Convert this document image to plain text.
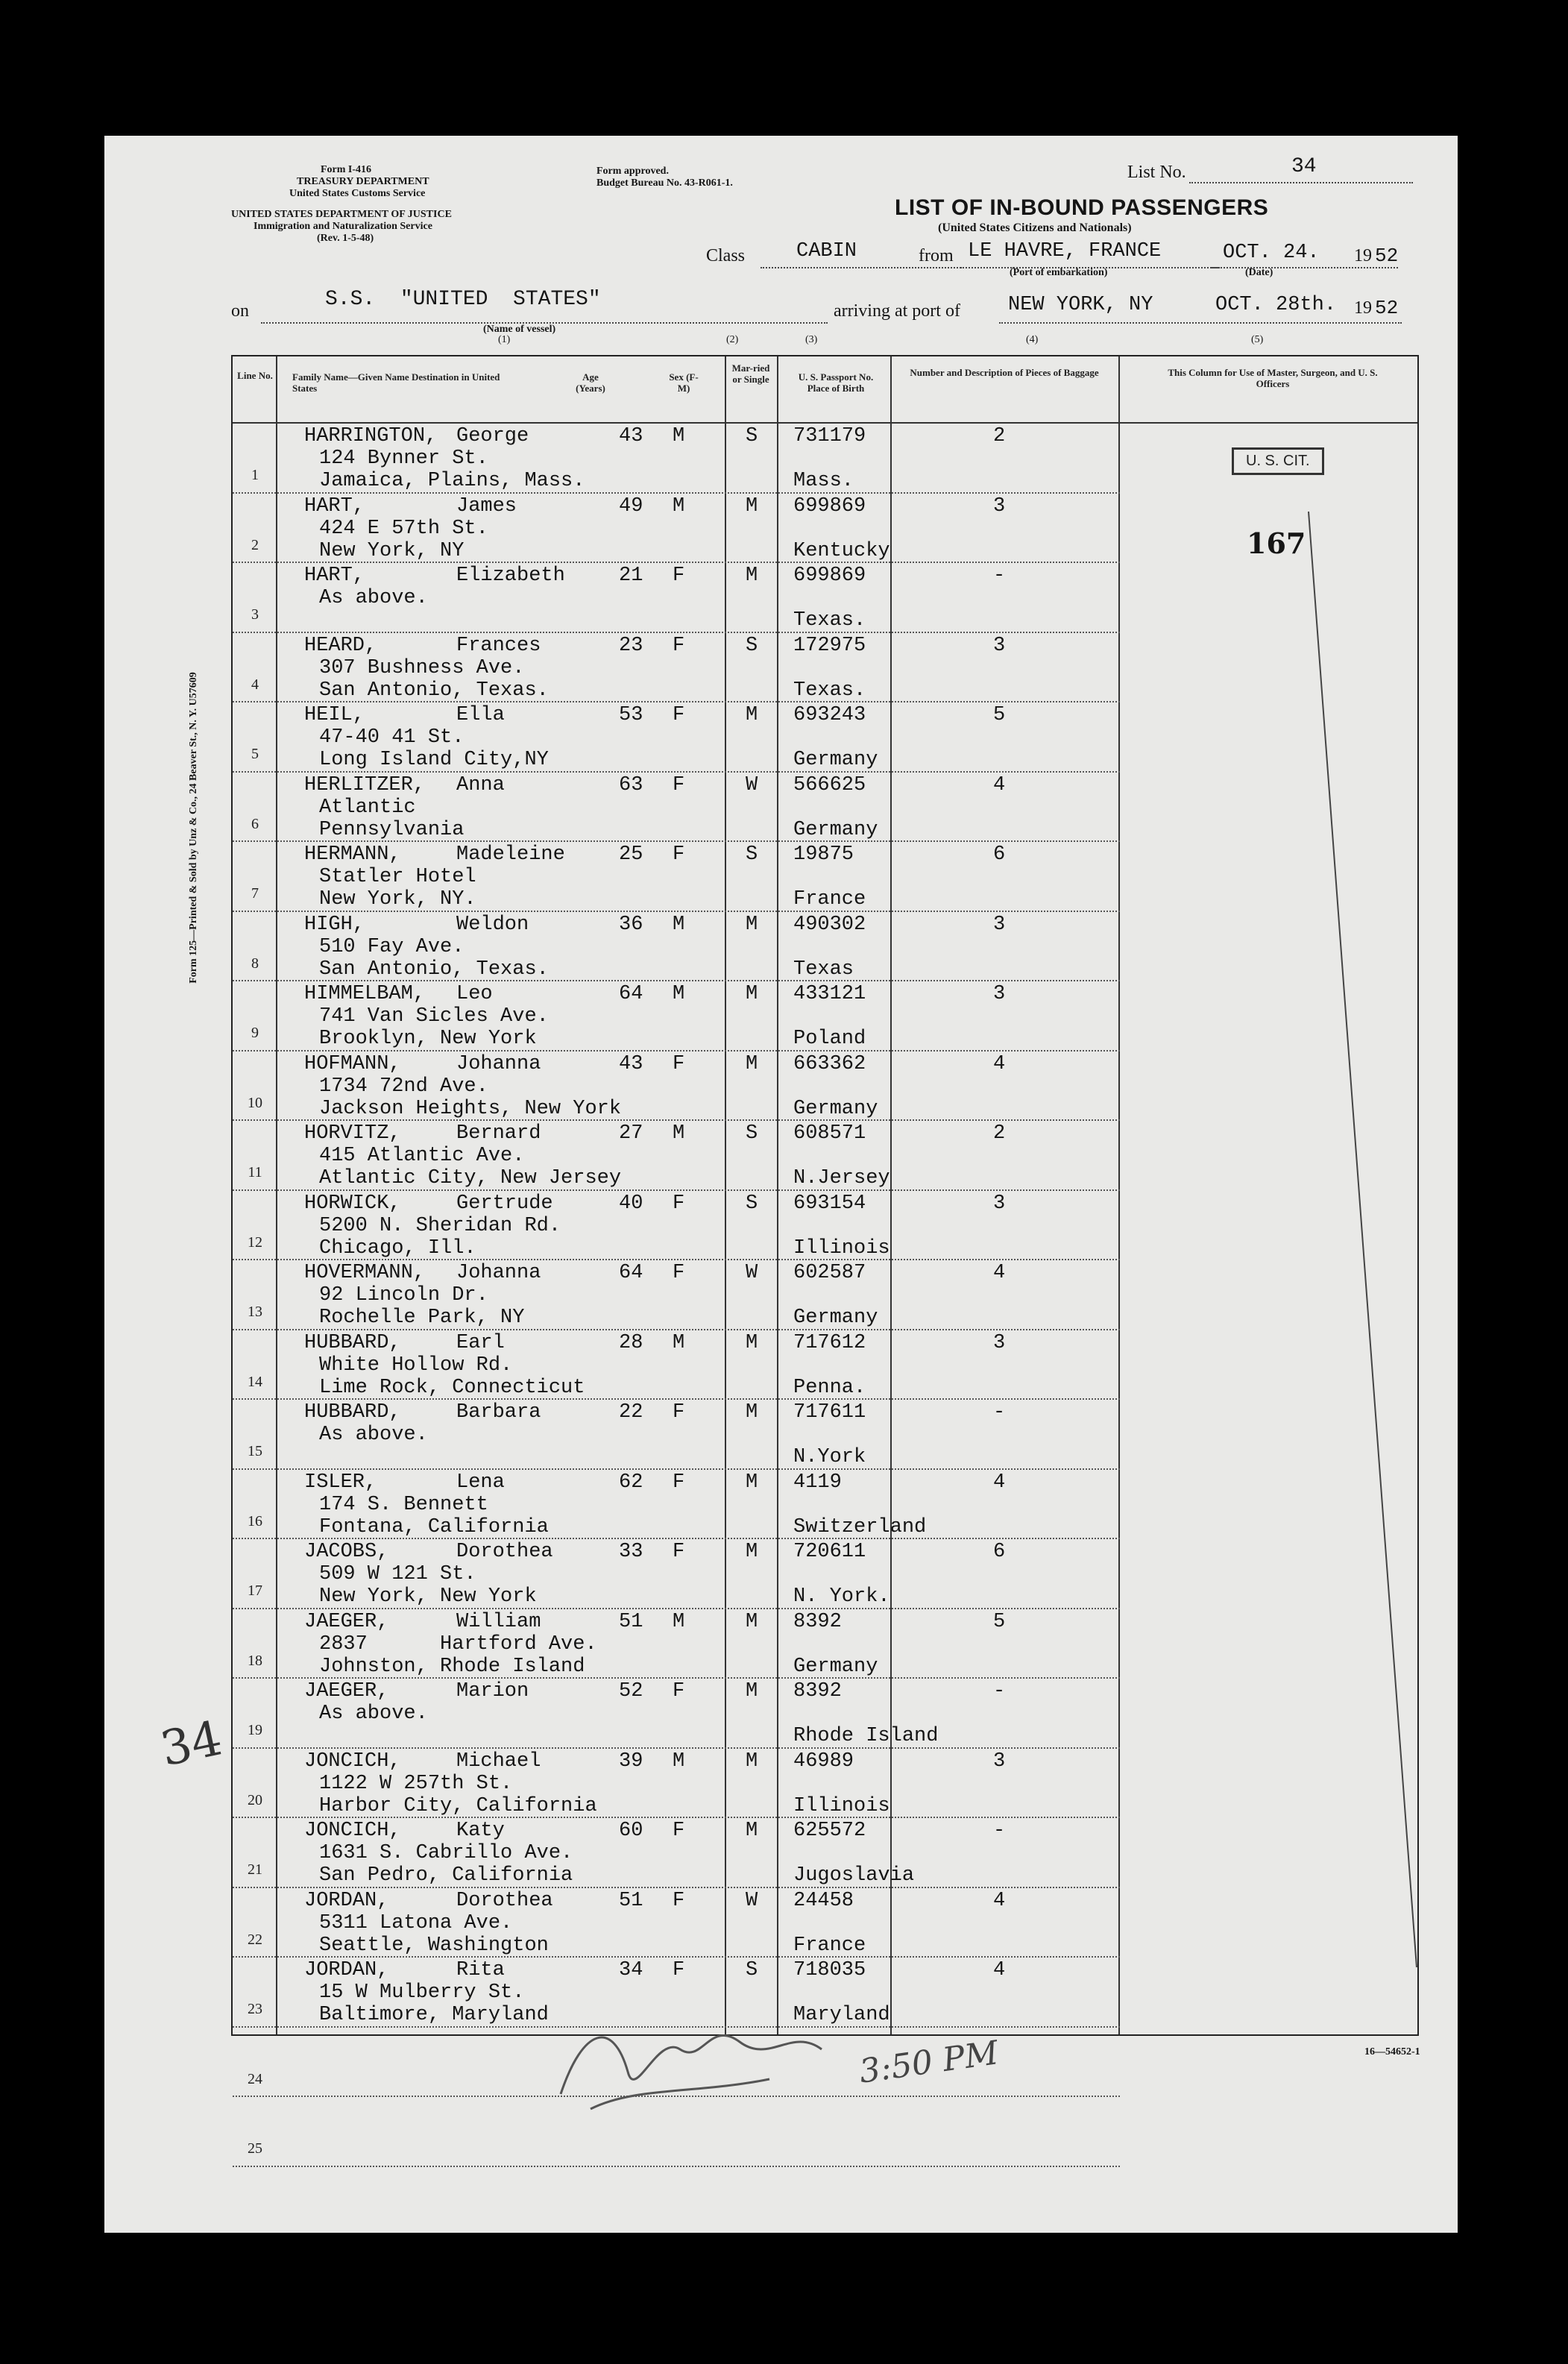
Form I-416
TREASURY DEPARTMENT
United States Customs Service
UNITED STATES DEPARTMENT OF JUSTICE
Immigration and Naturalization Service
(Rev. 1-5-48)
Form approved.
Budget Bureau No. 43-R061-1.
List No.	34
LIST OF IN-BOUND PASSENGERS
(United States Citizens and Nationals)
Class	CABIN	from LE HAVRE, FRANCE
(Port of embarkation)
OCT. 24. 19 52
(Date)
on	S.S.  "UNITED  STATES"
(Name of vessel)
arriving at port of NEW YORK, NY	OCT. 28th. 19 52
(1)	(2)	(3)	(4)	(5)
Form 125—Printed & Sold by Unz & Co., 24 Beaver St., N. Y. U57609
34
Line No. Family Name—Given Name Destination in United States
Age (Years)
Sex (F-M)
Mar-ried or Single	U. S. Passport No. Place of Birth
Number and Description of Pieces of Baggage	This Column for Use of Master, Surgeon, and U. S. Officers
1
HARRINGTON, George	43 M	S 731179	2
124 Bynner St.
Jamaica, Plains, Mass.	Mass.
2
HART,	James	49 M	M 699869	3
424 E 57th St.
New York, NY	Kentucky
3
HART,	Elizabeth	21 F	M 699869	-
As above.
Texas.
4
HEARD,	Frances	23 F	S 172975	3
307 Bushness Ave.
San Antonio, Texas.	Texas.
5
HEIL,	Ella	53 F	M 693243	5
47-40 41 St.
Long Island City,NY	Germany
6
HERLITZER, Anna	63 F	W 566625	4
Atlantic
Pennsylvania	Germany
7
HERMANN,	Madeleine	25 F	S 19875	6
Statler Hotel
New York, NY.	France
8
HIGH,	Weldon	36 M	M 490302	3
510 Fay Ave.
San Antonio, Texas.	Texas
9
HIMMELBAM, Leo	64 M	M 433121	3
741 Van Sicles Ave.
Brooklyn, New York	Poland
10
HOFMANN,	Johanna	43 F	M 663362	4
1734 72nd Ave.
Jackson Heights, New York	Germany
11
HORVITZ,	Bernard	27 M	S 608571	2
415 Atlantic Ave.
Atlantic City, New Jersey	N.Jersey
12
HORWICK,	Gertrude	40 F	S 693154	3
5200 N. Sheridan Rd.
Chicago, Ill.	Illinois
13
HOVERMANN, Johanna	64 F	W 602587	4
92 Lincoln Dr.
Rochelle Park, NY	Germany
14
HUBBARD,	Earl	28 M	M 717612	3
White Hollow Rd.
Lime Rock, Connecticut	Penna.
15
HUBBARD,	Barbara	22 F	M 717611	-
As above.
N.York
16
ISLER,	Lena	62 F	M 4119	4
174 S. Bennett
Fontana, California	Switzerland
17
JACOBS,	Dorothea	33 F	M 720611	6
509 W 121 St.
New York, New York	N. York.
18
JAEGER,	William	51 M	M 8392	5
2837      Hartford Ave.
Johnston, Rhode Island	Germany
19
JAEGER,	Marion	52 F	M 8392	-
As above.
Rhode Island
20
JONCICH,	Michael	39 M	M 46989	3
1122 W 257th St.
Harbor City, California	Illinois
21
JONCICH,	Katy	60 F	M 625572	-
1631 S. Cabrillo Ave.
San Pedro, California	Jugoslavia
22
JORDAN,	Dorothea	51 F	W 24458	4
5311 Latona Ave.
Seattle, Washington	France
23
JORDAN,	Rita	34 F	S 718035	4
15 W Mulberry St.
Baltimore, Maryland	Maryland
24
25
U. S. CIT.
167
3:50 PM	16—54652-1
